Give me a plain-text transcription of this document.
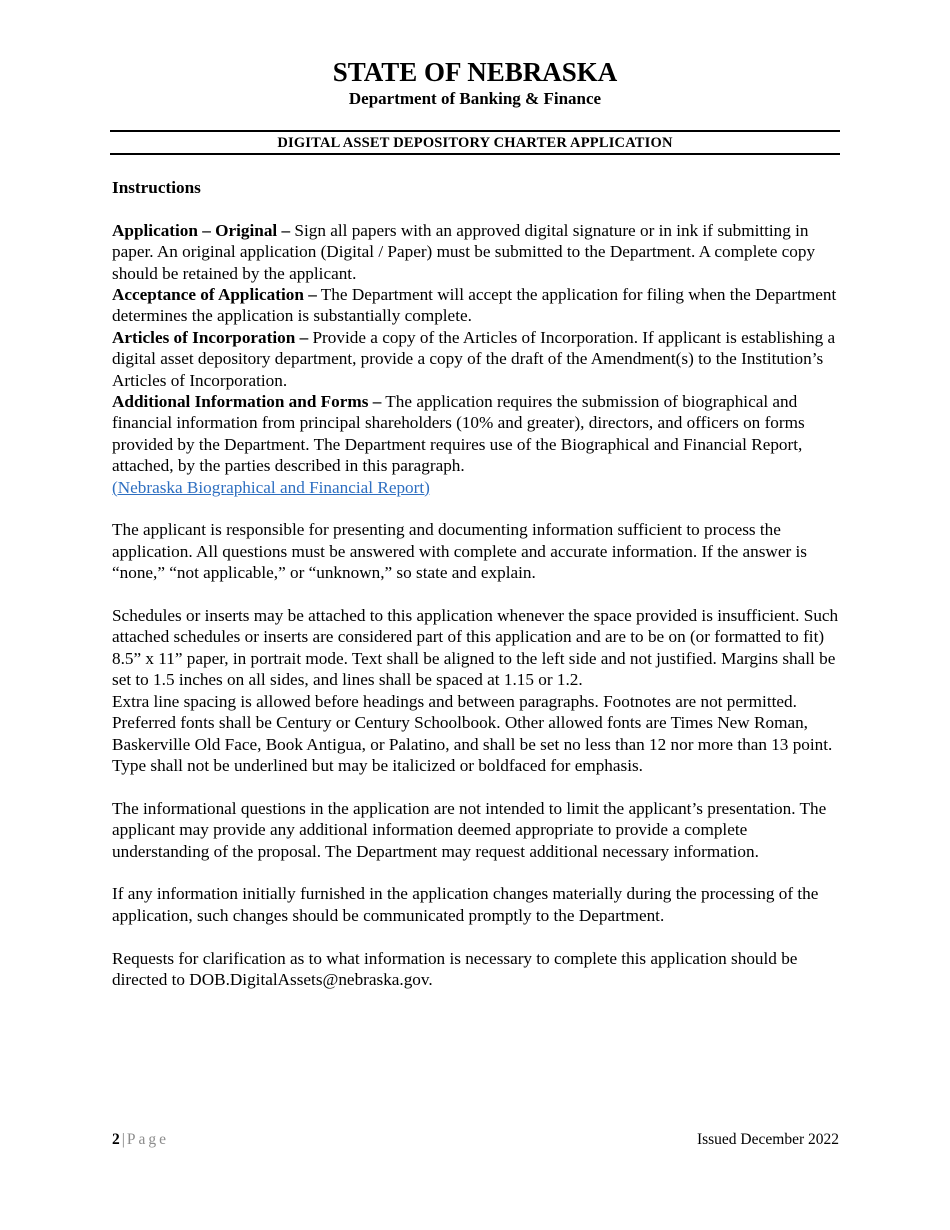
STATE OF NEBRASKA
Department of Banking & Finance
DIGITAL ASSET DEPOSITORY CHARTER APPLICATION

Instructions

Application – Original – Sign all papers with an approved digital signature or in ink if submitting in paper. An original application (Digital / Paper) must be submitted to the Department. A complete copy should be retained by the applicant.

Acceptance of Application – The Department will accept the application for filing when the Department determines the application is substantially complete.

Articles of Incorporation – Provide a copy of the Articles of Incorporation. If applicant is establishing a digital asset depository department, provide a copy of the draft of the Amendment(s) to the Institution’s Articles of Incorporation.

Additional Information and Forms – The application requires the submission of biographical and financial information from principal shareholders (10% and greater), directors, and officers on forms provided by the Department. The Department requires use of the Biographical and Financial Report, attached, by the parties described in this paragraph.

(Nebraska Biographical and Financial Report)

The applicant is responsible for presenting and documenting information sufficient to process the application. All questions must be answered with complete and accurate information. If the answer is “none,” “not applicable,” or “unknown,” so state and explain.

Schedules or inserts may be attached to this application whenever the space provided is insufficient. Such attached schedules or inserts are considered part of this application and are to be on (or formatted to fit) 8.5” x 11” paper, in portrait mode. Text shall be aligned to the left side and not justified. Margins shall be set to 1.5 inches on all sides, and lines shall be spaced at 1.15 or 1.2.

Extra line spacing is allowed before headings and between paragraphs. Footnotes are not permitted. Preferred fonts shall be Century or Century Schoolbook. Other allowed fonts are Times New Roman, Baskerville Old Face, Book Antigua, or Palatino, and shall be set no less than 12 nor more than 13 point. Type shall not be underlined but may be italicized or boldfaced for emphasis.

The informational questions in the application are not intended to limit the applicant’s presentation. The applicant may provide any additional information deemed appropriate to provide a complete understanding of the proposal. The Department may request additional necessary information.

If any information initially furnished in the application changes materially during the processing of the application, such changes should be communicated promptly to the Department.

Requests for clarification as to what information is necessary to complete this application should be directed to DOB.DigitalAssets@nebraska.gov.

2 | Page	Issued December 2022
